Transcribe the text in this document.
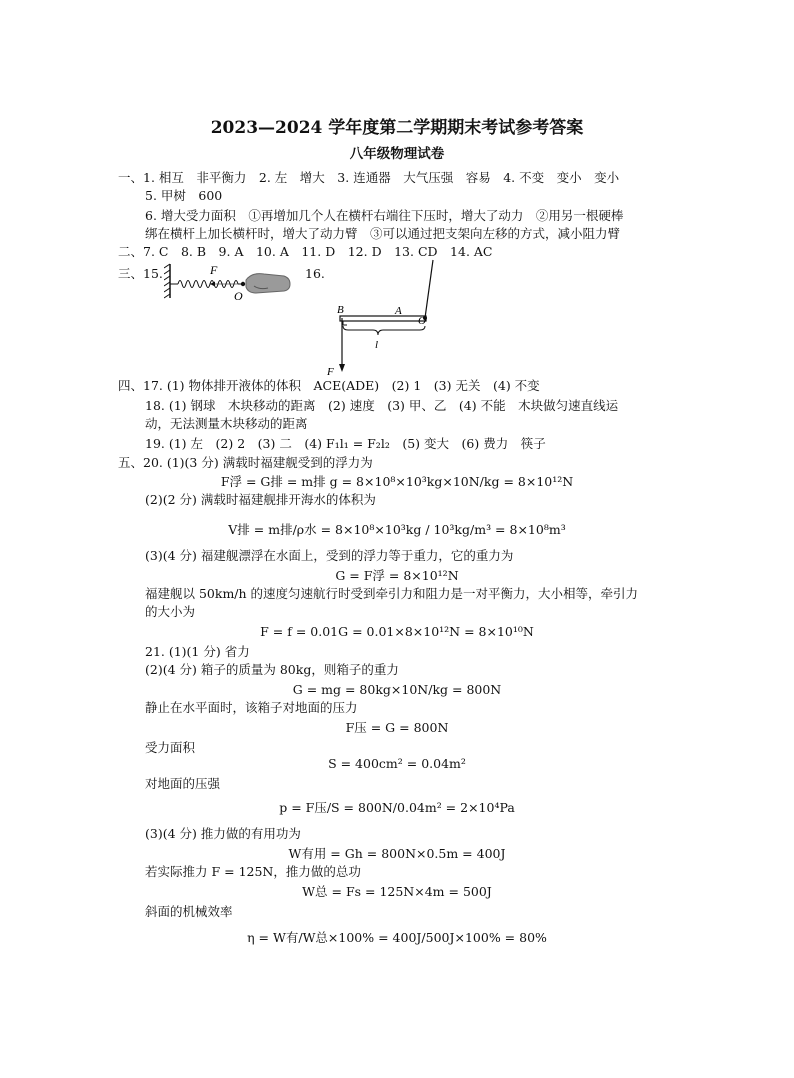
2023—2024 学年度第二学期期末考试参考答案
八年级物理试卷
一、1. 相互　非平衡力　2. 左　增大　3. 连通器　大气压强　容易　4. 不变　变小　变小
5. 甲树　600
6. 增大受力面积　①再增加几个人在横杆右端往下压时，增大了动力　②用另一根硬棒
绑在横杆上加长横杆时，增大了动力臂　③可以通过把支架向左移的方式，减小阻力臂
二、7. C　8. B　9. A　10. A　11. D　12. D　13. CD　14. AC
三、15.	16.
F
O
B	A
O
l
F
四、17. (1) 物体排开液体的体积　ACE(ADE)　(2) 1　(3) 无关　(4) 不变
18. (1) 钢球　木块移动的距离　(2) 速度　(3) 甲、乙　(4) 不能　木块做匀速直线运
动，无法测量木块移动的距离
19. (1) 左　(2) 2　(3) 二　(4) F₁l₁ = F₂l₂　(5) 变大　(6) 费力　筷子
五、20. (1)(3 分) 满载时福建舰受到的浮力为
F浮 = G排 = m排 g = 8×10⁸×10³kg×10N/kg = 8×10¹²N
(2)(2 分) 满载时福建舰排开海水的体积为
V排 = m排/ρ水 = 8×10⁸×10³kg / 10³kg/m³ = 8×10⁸m³
(3)(4 分) 福建舰漂浮在水面上，受到的浮力等于重力，它的重力为
G = F浮 = 8×10¹²N
福建舰以 50km/h 的速度匀速航行时受到牵引力和阻力是一对平衡力，大小相等，牵引力
的大小为
F = f = 0.01G = 0.01×8×10¹²N = 8×10¹⁰N
21. (1)(1 分) 省力
(2)(4 分) 箱子的质量为 80kg，则箱子的重力
G = mg = 80kg×10N/kg = 800N
静止在水平面时，该箱子对地面的压力
F压 = G = 800N
受力面积
S = 400cm² = 0.04m²
对地面的压强
p = F压/S = 800N/0.04m² = 2×10⁴Pa
(3)(4 分) 推力做的有用功为
W有用 = Gh = 800N×0.5m = 400J
若实际推力 F = 125N，推力做的总功
W总 = Fs = 125N×4m = 500J
斜面的机械效率
η = W有/W总×100% = 400J/500J×100% = 80%
